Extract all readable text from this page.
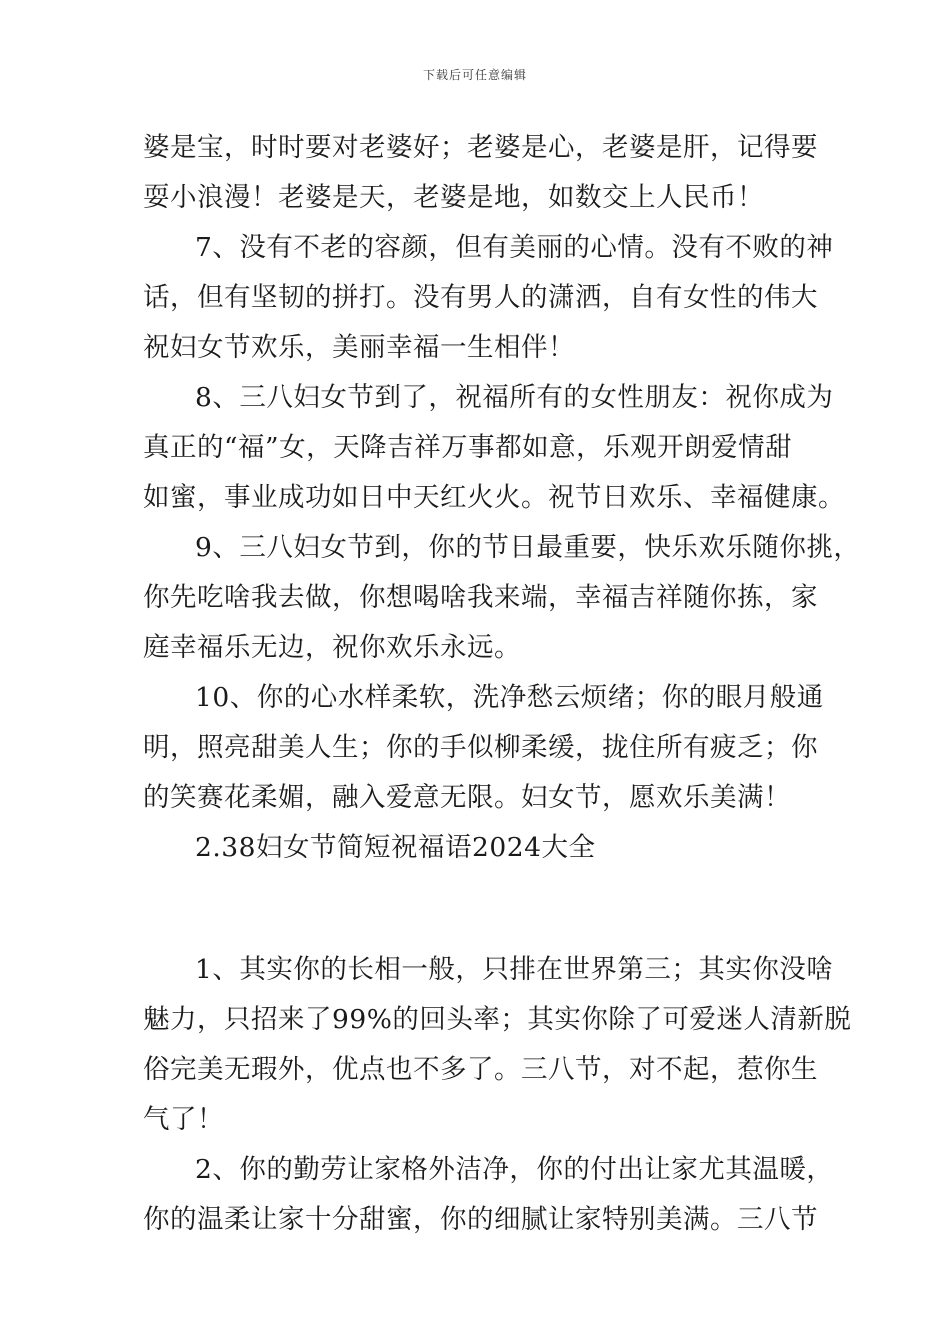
下载后可任意编辑
婆是宝，时时要对老婆好；老婆是心，老婆是肝，记得要
耍小浪漫！老婆是天，老婆是地，如数交上人民币！
7、没有不老的容颜，但有美丽的心情。没有不败的神
话，但有坚韧的拼打。没有男人的潇洒，自有女性的伟大
祝妇女节欢乐，美丽幸福一生相伴！
8、三八妇女节到了，祝福所有的女性朋友：祝你成为
真正的“福”女，天降吉祥万事都如意，乐观开朗爱情甜
如蜜，事业成功如日中天红火火。祝节日欢乐、幸福健康。
9、三八妇女节到，你的节日最重要，快乐欢乐随你挑，
你先吃啥我去做，你想喝啥我来端，幸福吉祥随你拣，家
庭幸福乐无边，祝你欢乐永远。
10、你的心水样柔软，洗净愁云烦绪；你的眼月般通
明，照亮甜美人生；你的手似柳柔缓，拢住所有疲乏；你
的笑赛花柔媚，融入爱意无限。妇女节，愿欢乐美满！
2.38妇女节简短祝福语2024大全
1、其实你的长相一般，只排在世界第三；其实你没啥
魅力，只招来了99%的回头率；其实你除了可爱迷人清新脱
俗完美无瑕外，优点也不多了。三八节，对不起，惹你生
气了！
2、你的勤劳让家格外洁净，你的付出让家尤其温暖，
你的温柔让家十分甜蜜，你的细腻让家特别美满。三八节
